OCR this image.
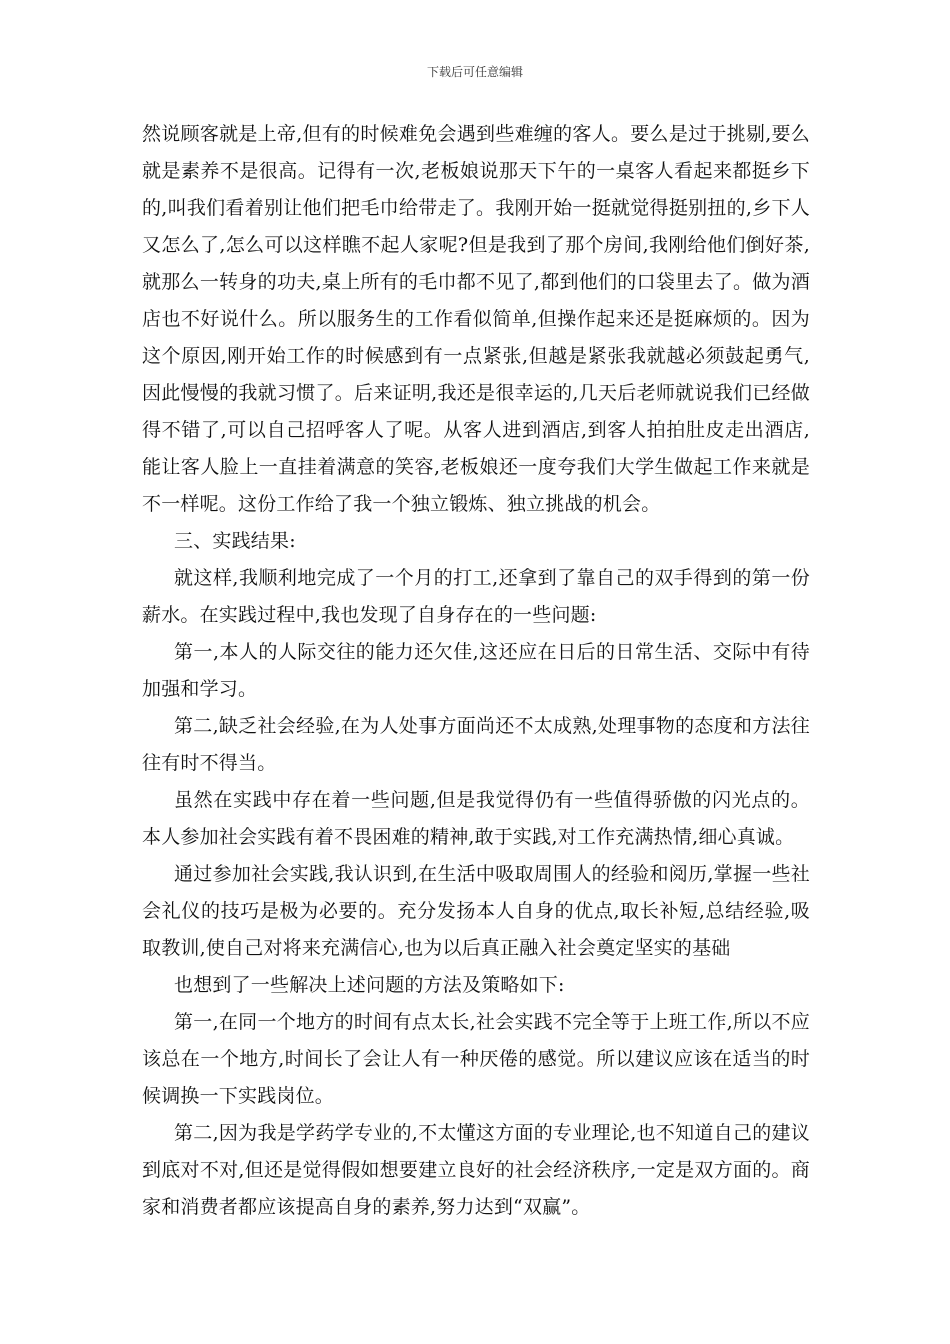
下载后可任意编辑

然说顾客就是上帝,但有的时候难免会遇到些难缠的客人。要么是过于挑剔,要么就是素养不是很高。记得有一次,老板娘说那天下午的一桌客人看起来都挺乡下的,叫我们看着别让他们把毛巾给带走了。我刚开始一挺就觉得挺别扭的,乡下人又怎么了,怎么可以这样瞧不起人家呢?但是我到了那个房间,我刚给他们倒好茶,就那么一转身的功夫,桌上所有的毛巾都不见了,都到他们的口袋里去了。做为酒店也不好说什么。所以服务生的工作看似简单,但操作起来还是挺麻烦的。因为这个原因,刚开始工作的时候感到有一点紧张,但越是紧张我就越必须鼓起勇气,因此慢慢的我就习惯了。后来证明,我还是很幸运的,几天后老师就说我们已经做得不错了,可以自己招呼客人了呢。从客人进到酒店,到客人拍拍肚皮走出酒店,能让客人脸上一直挂着满意的笑容,老板娘还一度夸我们大学生做起工作来就是不一样呢。这份工作给了我一个独立锻炼、独立挑战的机会。

三、实践结果:

就这样,我顺利地完成了一个月的打工,还拿到了靠自己的双手得到的第一份薪水。在实践过程中,我也发现了自身存在的一些问题:

第一,本人的人际交往的能力还欠佳,这还应在日后的日常生活、交际中有待加强和学习。

第二,缺乏社会经验,在为人处事方面尚还不太成熟,处理事物的态度和方法往往有时不得当。

虽然在实践中存在着一些问题,但是我觉得仍有一些值得骄傲的闪光点的。本人参加社会实践有着不畏困难的精神,敢于实践,对工作充满热情,细心真诚。

通过参加社会实践,我认识到,在生活中吸取周围人的经验和阅历,掌握一些社会礼仪的技巧是极为必要的。充分发扬本人自身的优点,取长补短,总结经验,吸取教训,使自己对将来充满信心,也为以后真正融入社会奠定坚实的基础

也想到了一些解决上述问题的方法及策略如下:

第一,在同一个地方的时间有点太长,社会实践不完全等于上班工作,所以不应该总在一个地方,时间长了会让人有一种厌倦的感觉。所以建议应该在适当的时候调换一下实践岗位。

第二,因为我是学药学专业的,不太懂这方面的专业理论,也不知道自己的建议到底对不对,但还是觉得假如想要建立良好的社会经济秩序,一定是双方面的。商家和消费者都应该提高自身的素养,努力达到“双赢”。
